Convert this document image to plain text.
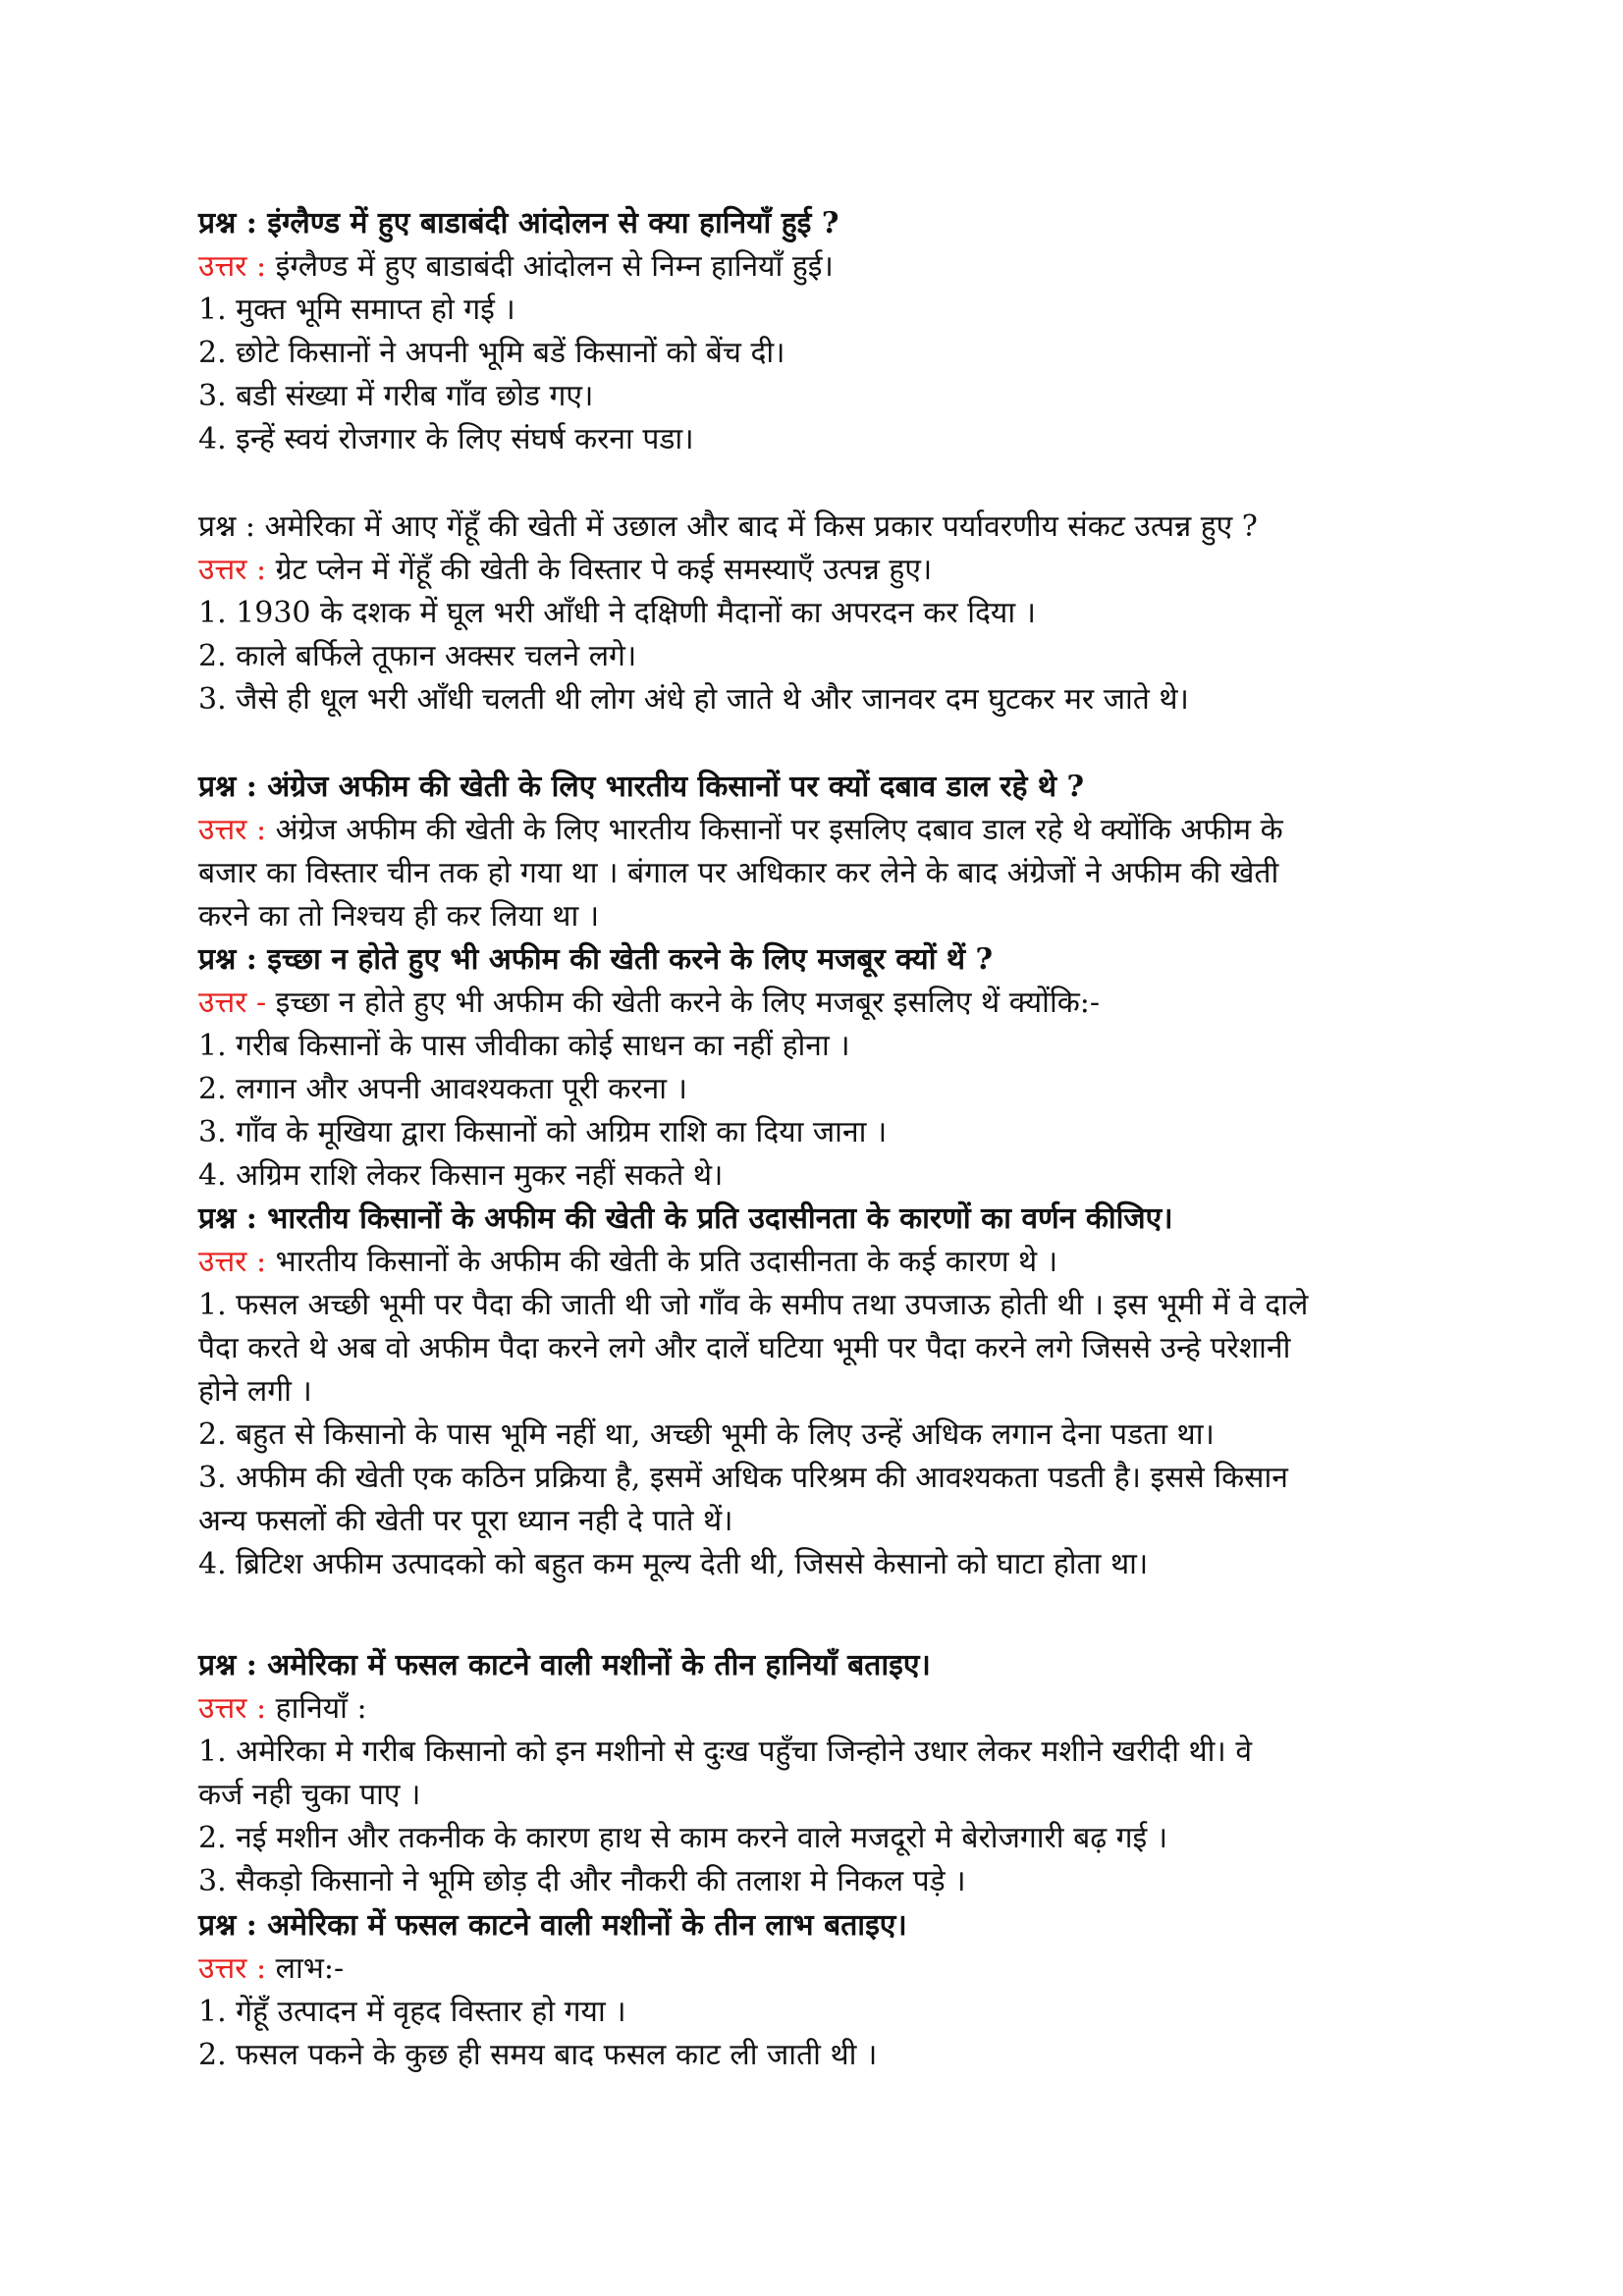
प्रश्न : इंग्लैण्ड में हुए बाडाबंदी आंदोलन से क्या हानियाँ हुई ?
उत्तर : इंग्लैण्ड में हुए बाडाबंदी आंदोलन से निम्न हानियाँ हुई।
1. मुक्त भूमि समाप्त हो गई ।
2. छोटे किसानों ने अपनी भूमि बडें किसानों को बेंच दी।
3. बडी संख्या में गरीब गाँव छोड गए।
4. इन्हें स्वयं रोजगार के लिए संघर्ष करना पडा।
प्रश्न : अमेरिका में आए गेंहूँ की खेती में उछाल और बाद में किस प्रकार पर्यावरणीय संकट उत्पन्न हुए ?
उत्तर : ग्रेट प्लेन में गेंहूँ की खेती के विस्तार पे कई समस्याएँ उत्पन्न हुए।
1. 1930 के दशक में घूल भरी आँधी ने दक्षिणी मैदानों का अपरदन कर दिया ।
2. काले बर्फिले तूफान अक्सर चलने लगे।
3. जैसे ही धूल भरी आँधी चलती थी लोग अंधे हो जाते थे और जानवर दम घुटकर मर जाते थे।
प्रश्न : अंग्रेज अफीम की खेती के लिए भारतीय किसानों पर क्यों दबाव डाल रहे थे ?
उत्तर : अंग्रेज अफीम की खेती के लिए भारतीय किसानों पर इसलिए दबाव डाल रहे थे क्योंकि अफीम के
बजार का विस्तार चीन तक हो गया था । बंगाल पर अधिकार कर लेने के बाद अंग्रेजों ने अफीम की खेती
करने का तो निश्चय ही कर लिया था ।
प्रश्न : इच्छा न होते हुए भी अफीम की खेती करने के लिए मजबूर क्यों थें ?
उत्तर - इच्छा न होते हुए भी अफीम की खेती करने के लिए मजबूर इसलिए थें क्योंकि:-
1. गरीब किसानों के पास जीवीका कोई साधन का नहीं होना ।
2. लगान और अपनी आवश्यकता पूरी करना ।
3. गाँव के मूखिया द्वारा किसानों को अग्रिम राशि का दिया जाना ।
4. अग्रिम राशि लेकर किसान मुकर नहीं सकते थे।
प्रश्न : भारतीय किसानों के अफीम की खेती के प्रति उदासीनता के कारणों का वर्णन कीजिए।
उत्तर : भारतीय किसानों के अफीम की खेती के प्रति उदासीनता के कई कारण थे ।
1. फसल अच्छी भूमी पर पैदा की जाती थी जो गाँव के समीप तथा उपजाऊ होती थी । इस भूमी में वे दाले
पैदा करते थे अब वो अफीम पैदा करने लगे और दालें घटिया भूमी पर पैदा करने लगे जिससे उन्हे परेशानी
होने लगी ।
2. बहुत से किसानो के पास भूमि नहीं था, अच्छी भूमी के लिए उन्हें अधिक लगान देना पडता था।
3. अफीम की खेती एक कठिन प्रक्रिया है, इसमें अधिक परिश्रम की आवश्यकता पडती है। इससे किसान
अन्य फसलों की खेती पर पूरा ध्यान नही दे पाते थें।
4. ब्रिटिश अफीम उत्पादको को बहुत कम मूल्य देती थी, जिससे केसानो को घाटा होता था।
प्रश्न : अमेरिका में फसल काटने वाली मशीनों के तीन हानियाँ बताइए।
उत्तर : हानियाँ :
1. अमेरिका मे गरीब किसानो को इन मशीनो से दुःख पहुँचा जिन्होने उधार लेकर मशीने खरीदी थी। वे
कर्ज नही चुका पाए ।
2. नई मशीन और तकनीक के कारण हाथ से काम करने वाले मजदूरो मे बेरोजगारी बढ़ गई ।
3. सैकड़ो किसानो ने भूमि छोड़ दी और नौकरी की तलाश मे निकल पड़े ।
प्रश्न : अमेरिका में फसल काटने वाली मशीनों के तीन लाभ बताइए।
उत्तर : लाभ:-
1. गेंहूँ उत्पादन में वृहद विस्तार हो गया ।
2. फसल पकने के कुछ ही समय बाद फसल काट ली जाती थी ।
